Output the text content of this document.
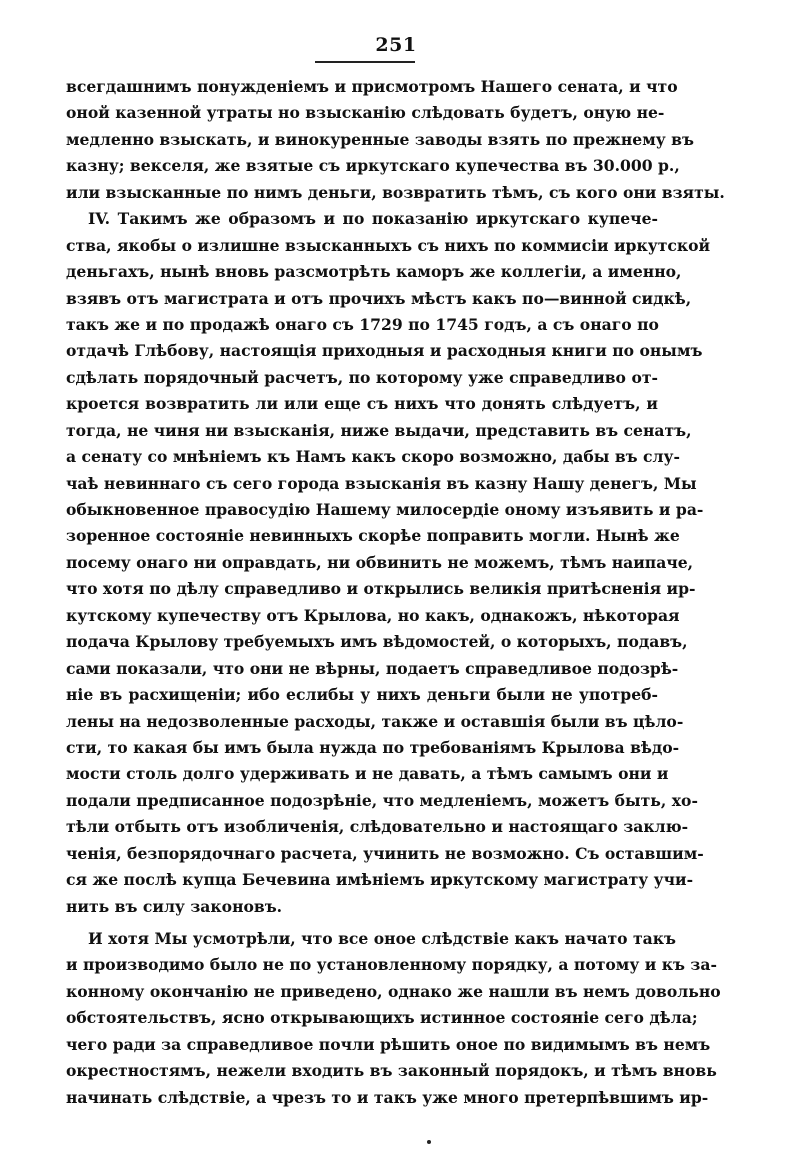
251
всегдашнимъ понужденіемъ и присмотромъ Нашего сената, и что
оной казенной утраты но взысканію слѣдовать будетъ, оную не-
медленно взыскать, и винокуренные заводы взять по прежнему въ
казну; векселя, же взятые съ иркутскаго купечества въ 30.000 р.,
или взысканные по нимъ деньги, возвратить тѣмъ, съ кого они взяты.
IV. Такимъ же образомъ и по показанію иркутскаго купече-
ства, якобы о излишне взысканныхъ съ нихъ по коммисіи иркутской
деньгахъ, нынѣ вновь разсмотрѣть каморъ же коллегіи, а именно,
взявъ отъ магистрата и отъ прочихъ мѣстъ какъ по—винной сидкѣ,
такъ же и по продажѣ онаго съ 1729 по 1745 годъ, а съ онаго по
отдачѣ Глѣбову, настоящія приходныя и расходныя книги по онымъ
сдѣлать порядочный расчетъ, по которому уже справедливо от-
кроется возвратить ли или еще съ нихъ что донять слѣдуетъ, и
тогда, не чиня ни взысканія, ниже выдачи, представить въ сенатъ,
а сенату со мнѣніемъ къ Намъ какъ скоро возможно, дабы въ слу-
чаѣ невиннаго съ сего города взысканія въ казну Нашу денегъ, Мы
обыкновенное правосудію Нашему милосердіе оному изъявить и ра-
зоренное состояніе невинныхъ скорѣе поправить могли. Нынѣ же
посему онаго ни оправдать, ни обвинить не можемъ, тѣмъ наипаче,
что хотя по дѣлу справедливо и открылись великія притѣсненія ир-
кутскому купечеству отъ Крылова, но какъ, однакожъ, нѣкоторая
подача Крылову требуемыхъ имъ вѣдомостей, о которыхъ, подавъ,
сами показали, что они не вѣрны, подаетъ справедливое подозрѣ-
ніе въ расхищеніи; ибо еслибы у нихъ деньги были не употреб-
лены на недозволенные расходы, также и оставшія были въ цѣло-
сти, то какая бы имъ была нужда по требованіямъ Крылова вѣдо-
мости столь долго удерживать и не давать, а тѣмъ самымъ они и
подали предписанное подозрѣніе, что медленіемъ, можетъ быть, хо-
тѣли отбыть отъ изобличенія, слѣдовательно и настоящаго заклю-
ченія, безпорядочнаго расчета, учинить не возможно. Съ оставшим-
ся же послѣ купца Бечевина имѣніемъ иркутскому магистрату учи-
нить въ силу законовъ.
И хотя Мы усмотрѣли, что все оное слѣдствіе какъ начато такъ
и производимо было не по установленному порядку, а потому и къ за-
конному окончанію не приведено, однако же нашли въ немъ довольно
обстоятельствъ, ясно открывающихъ истинное состояніе сего дѣла;
чего ради за справедливое почли рѣшить оное по видимымъ въ немъ
окрестностямъ, нежели входить въ законный порядокъ, и тѣмъ вновь
начинать слѣдствіе, а чрезъ то и такъ уже много претерпѣвшимъ ир-
